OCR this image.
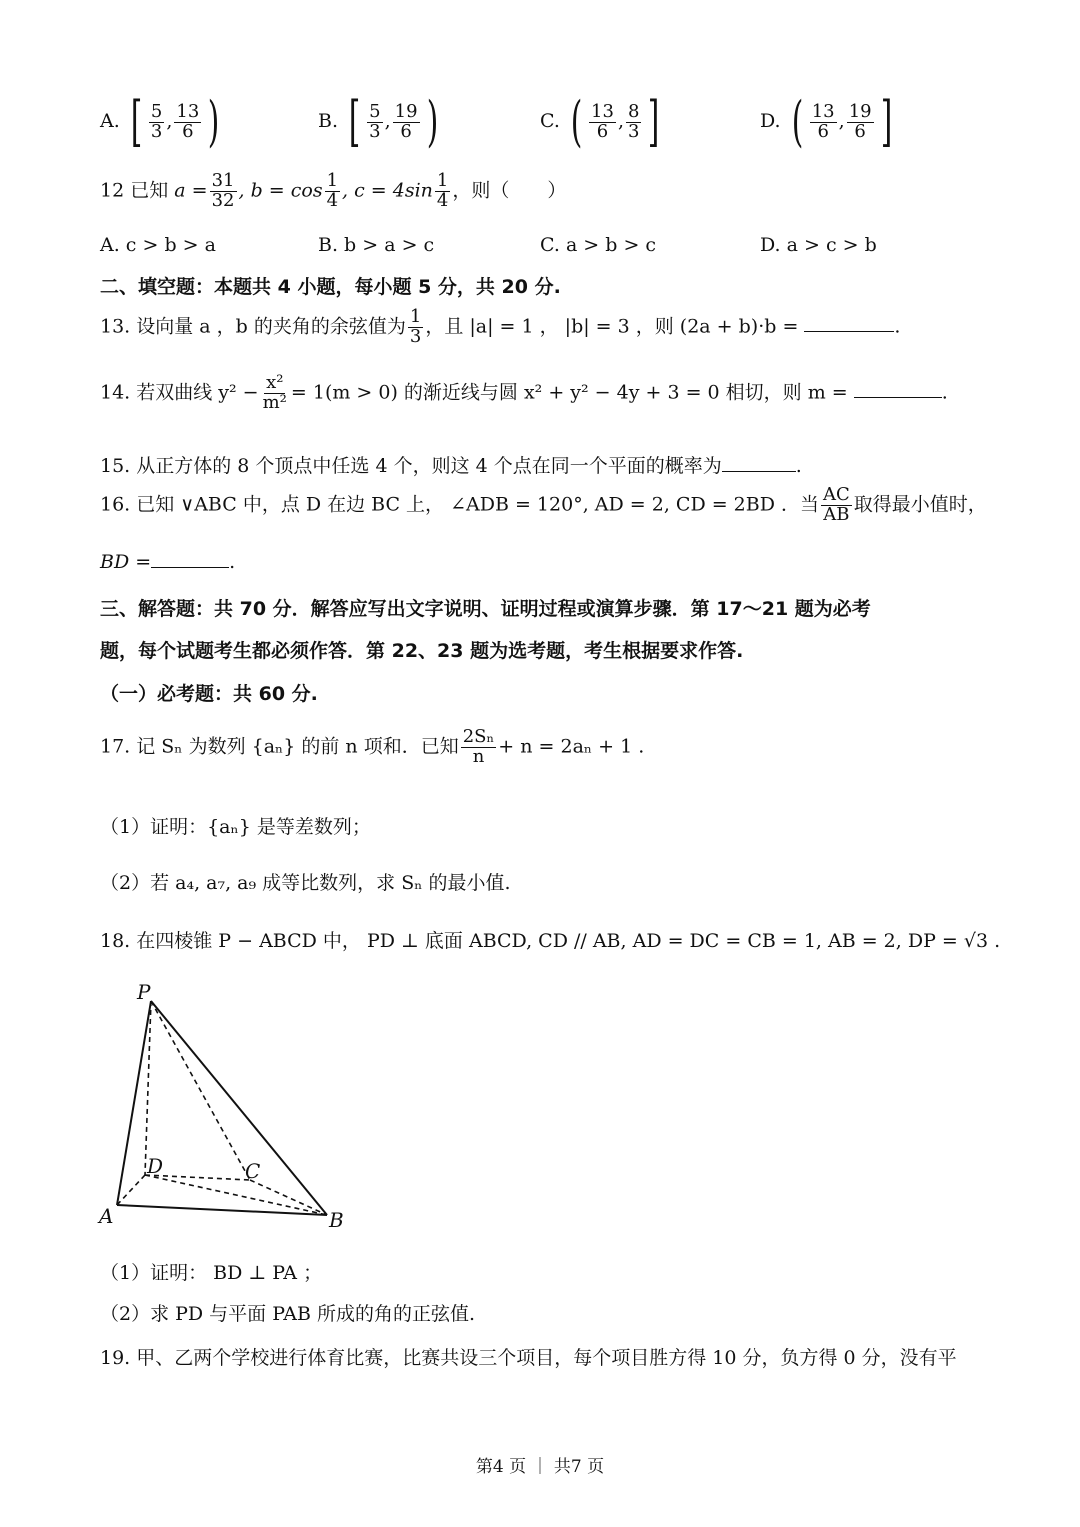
A. [ $\frac{5}{3}$ , $\frac{13}{6}$ )	B. [ $\frac{5}{3}$ , $\frac{19}{6}$ )	C. ( $\frac{13}{6}$ , $\frac{8}{3}$ ]	D. ( $\frac{13}{6}$ , $\frac{19}{6}$ ]
12 已知 $a = \frac{31}{32}$ , $b = \cos \frac{1}{4}$ , $c = 4\sin \frac{1}{4}$ ，则（　　）
A. c > b > a	B. b > a > c	C. a > b > c	D. a > c > b
二、填空题：本题共 4 小题，每小题 5 分，共 20 分.
13. 设向量 a ，b 的夹角的余弦值为 $\frac{1}{3}$ ，且 |a| = 1 ， |b| = 3 ，则 (2a + b)·b =	.
14. 若双曲线 $y^2 - \frac{\text{x²}}{\text{m²}} = 1(m > 0)$ 的渐近线与圆 x² + y² − 4y + 3 = 0 相切，则 m =	.
15. 从正方体的 8 个顶点中任选 4 个，则这 4 个点在同一个平面的概率为	.
16. 已知 ∨ABC 中，点 D 在边 BC 上， ∠ADB = 120°, AD = 2, CD = 2BD ．当 $\frac{AC}{AB}$ 取得最小值时，
BD =	.
三、解答题：共 70 分．解答应写出文字说明、证明过程或演算步骤．第 17～21 题为必考
题，每个试题考生都必须作答．第 22、23 题为选考题，考生根据要求作答.
（一）必考题：共 60 分.
17. 记 Sₙ 为数列 {aₙ} 的前 n 项和．已知 $\frac{\text{2Sₙ}}{n} + n = 2a_n + 1$ .
（1）证明：{aₙ} 是等差数列；
（2）若 a₄, a₇, a₉ 成等比数列，求 Sₙ 的最小值.
18. 在四棱锥 P − ABCD 中， PD ⊥ 底面 ABCD, CD // AB, AD = DC = CB = 1, AB = 2, DP = √3 .
P
D	C
A	B
（1）证明： BD ⊥ PA ；
（2）求 PD 与平面 PAB 所成的角的正弦值.
19. 甲、乙两个学校进行体育比赛，比赛共设三个项目，每个项目胜方得 10 分，负方得 0 分，没有平
第4 页 ｜ 共7 页
